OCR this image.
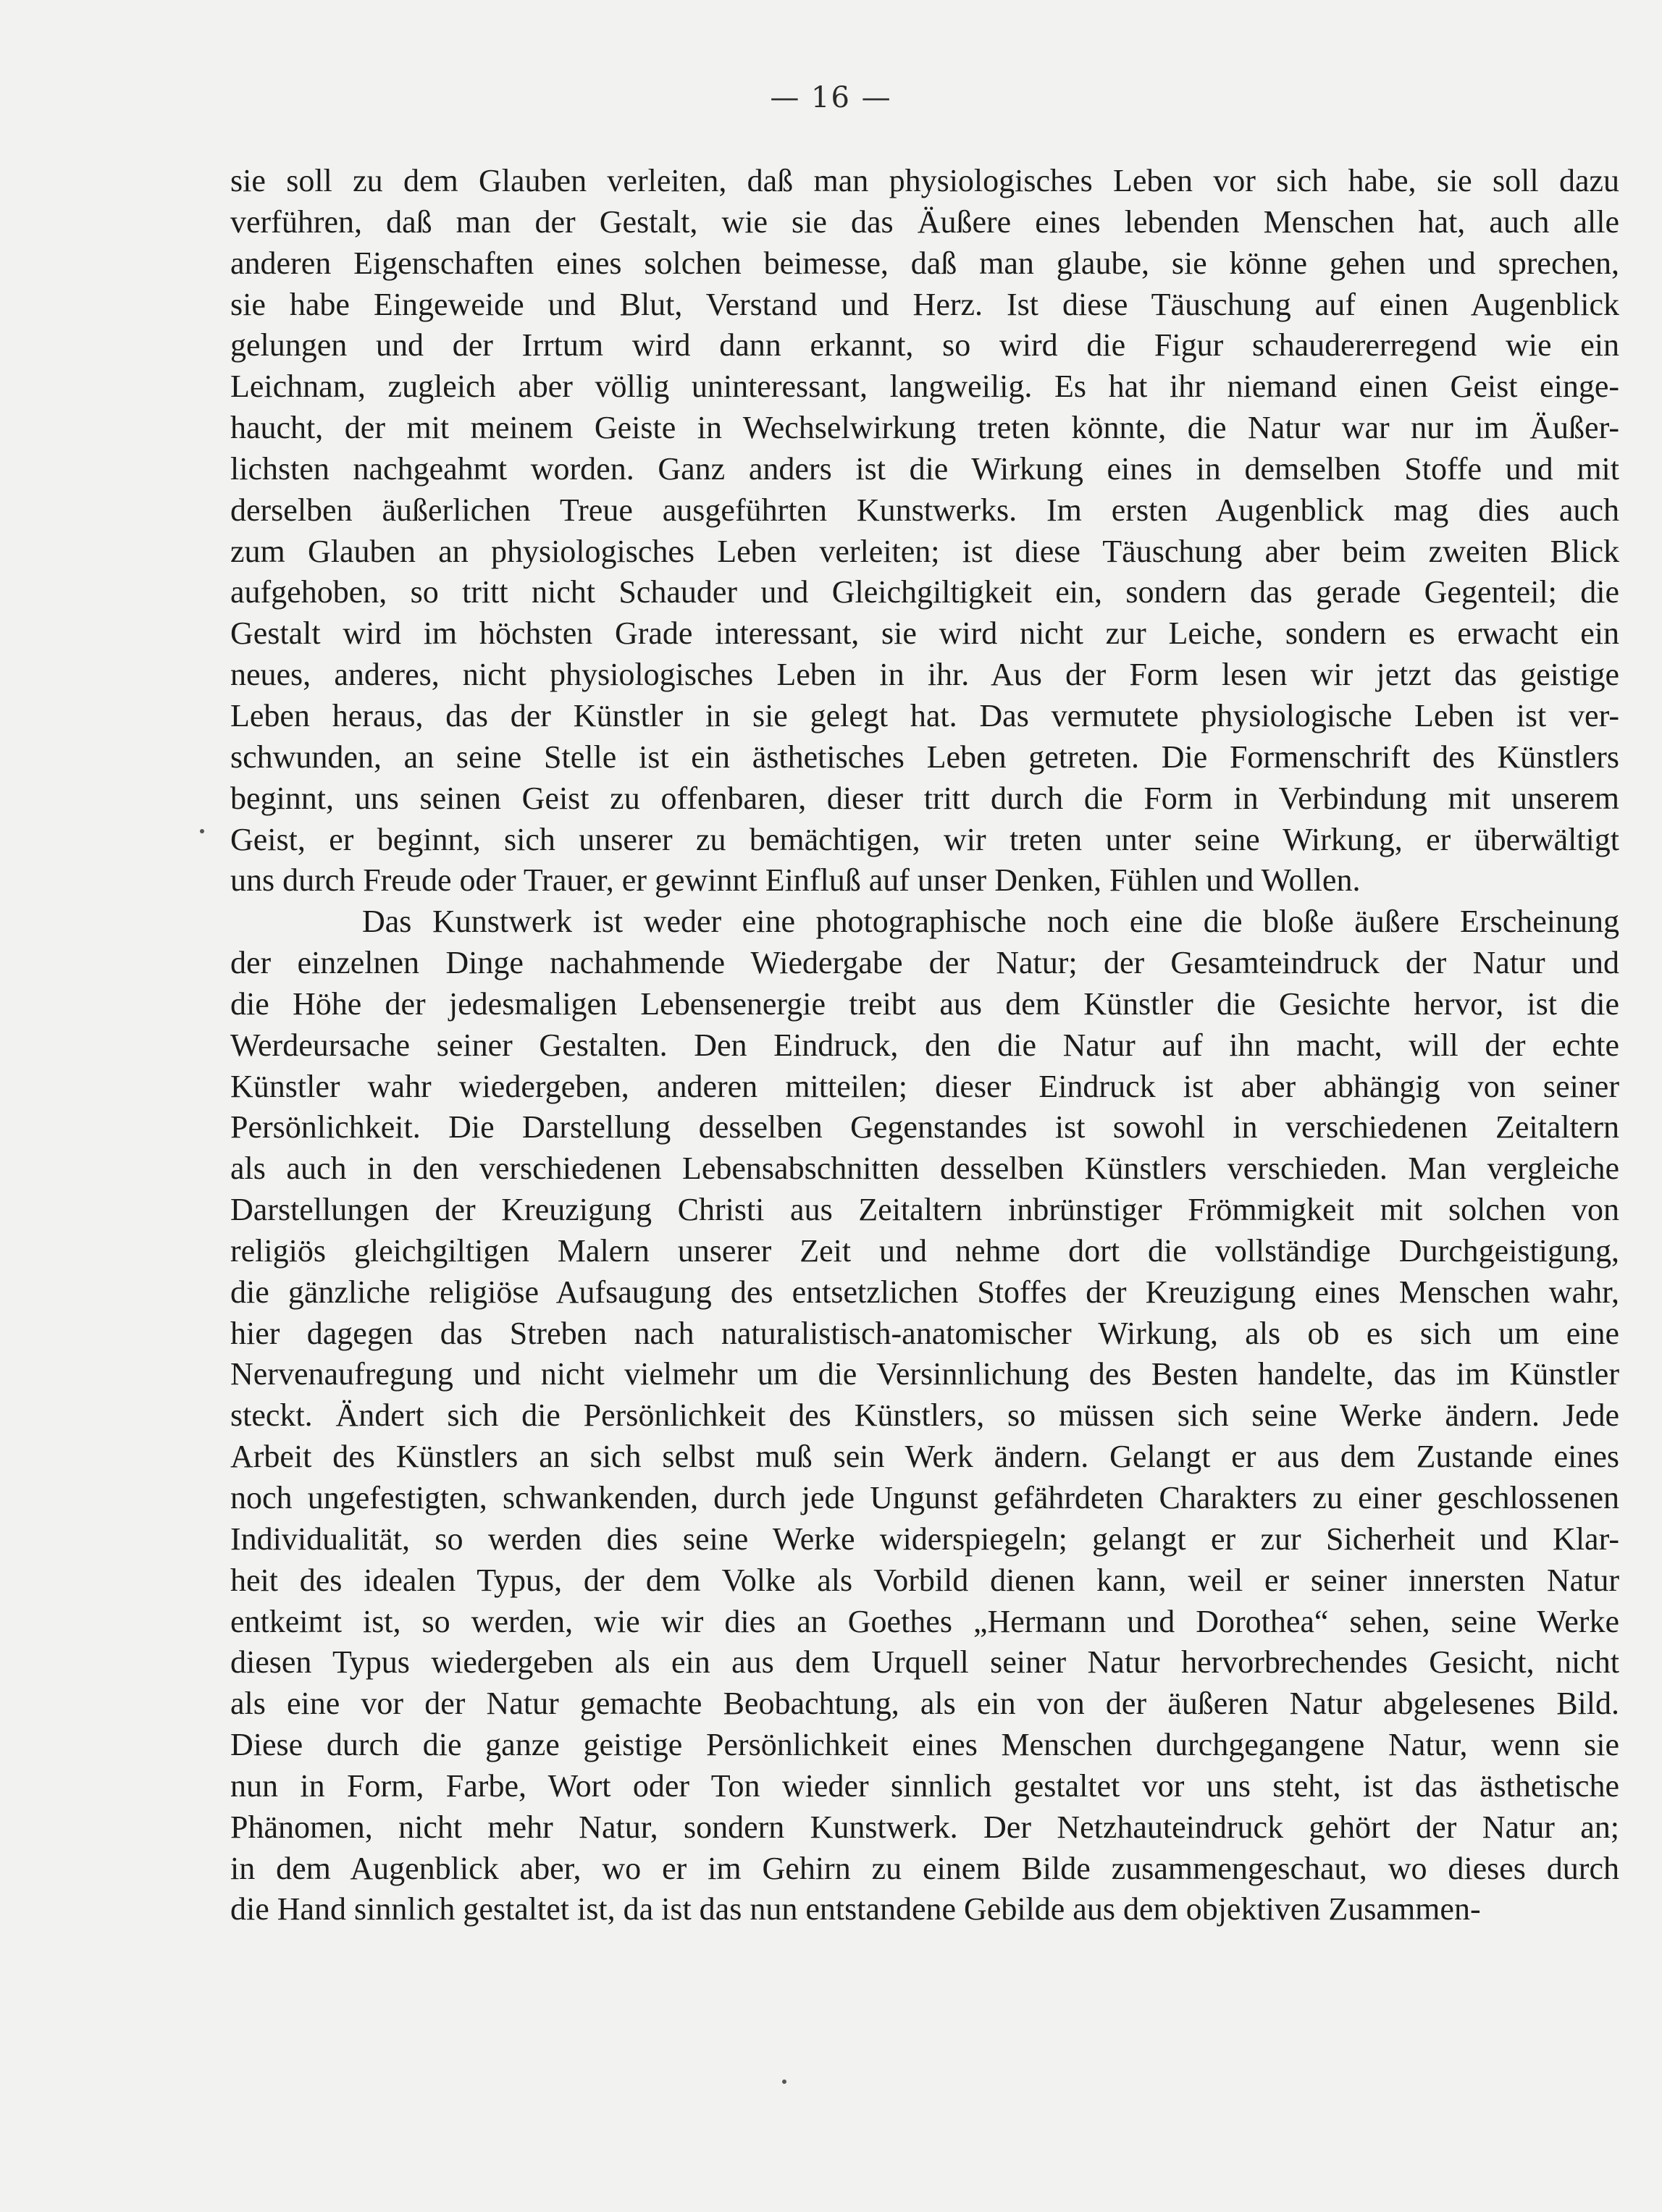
— 16 —

sie soll zu dem Glauben verleiten, daß man physiologisches Leben vor sich habe, sie soll dazu

verführen, daß man der Gestalt, wie sie das Äußere eines lebenden Menschen hat, auch alle

anderen Eigenschaften eines solchen beimesse, daß man glaube, sie könne gehen und sprechen,

sie habe Eingeweide und Blut, Verstand und Herz. Ist diese Täuschung auf einen Augenblick

gelungen und der Irrtum wird dann erkannt, so wird die Figur schaudererregend wie ein

Leichnam, zugleich aber völlig uninteressant, langweilig. Es hat ihr niemand einen Geist einge-

haucht, der mit meinem Geiste in Wechselwirkung treten könnte, die Natur war nur im Äußer-

lichsten nachgeahmt worden. Ganz anders ist die Wirkung eines in demselben Stoffe und mit

derselben äußerlichen Treue ausgeführten Kunstwerks. Im ersten Augenblick mag dies auch

zum Glauben an physiologisches Leben verleiten; ist diese Täuschung aber beim zweiten Blick

aufgehoben, so tritt nicht Schauder und Gleichgiltigkeit ein, sondern das gerade Gegenteil; die

Gestalt wird im höchsten Grade interessant, sie wird nicht zur Leiche, sondern es erwacht ein

neues, anderes, nicht physiologisches Leben in ihr. Aus der Form lesen wir jetzt das geistige

Leben heraus, das der Künstler in sie gelegt hat. Das vermutete physiologische Leben ist ver-

schwunden, an seine Stelle ist ein ästhetisches Leben getreten. Die Formenschrift des Künstlers

beginnt, uns seinen Geist zu offenbaren, dieser tritt durch die Form in Verbindung mit unserem

Geist, er beginnt, sich unserer zu bemächtigen, wir treten unter seine Wirkung, er überwältigt

uns durch Freude oder Trauer, er gewinnt Einfluß auf unser Denken, Fühlen und Wollen.

Das Kunstwerk ist weder eine photographische noch eine die bloße äußere Erscheinung

der einzelnen Dinge nachahmende Wiedergabe der Natur; der Gesamteindruck der Natur und

die Höhe der jedesmaligen Lebensenergie treibt aus dem Künstler die Gesichte hervor, ist die

Werdeursache seiner Gestalten. Den Eindruck, den die Natur auf ihn macht, will der echte

Künstler wahr wiedergeben, anderen mitteilen; dieser Eindruck ist aber abhängig von seiner

Persönlichkeit. Die Darstellung desselben Gegenstandes ist sowohl in verschiedenen Zeitaltern

als auch in den verschiedenen Lebensabschnitten desselben Künstlers verschieden. Man vergleiche

Darstellungen der Kreuzigung Christi aus Zeitaltern inbrünstiger Frömmigkeit mit solchen von

religiös gleichgiltigen Malern unserer Zeit und nehme dort die vollständige Durchgeistigung,

die gänzliche religiöse Aufsaugung des entsetzlichen Stoffes der Kreuzigung eines Menschen wahr,

hier dagegen das Streben nach naturalistisch-anatomischer Wirkung, als ob es sich um eine

Nervenaufregung und nicht vielmehr um die Versinnlichung des Besten handelte, das im Künstler

steckt. Ändert sich die Persönlichkeit des Künstlers, so müssen sich seine Werke ändern. Jede

Arbeit des Künstlers an sich selbst muß sein Werk ändern. Gelangt er aus dem Zustande eines

noch ungefestigten, schwankenden, durch jede Ungunst gefährdeten Charakters zu einer geschlossenen

Individualität, so werden dies seine Werke widerspiegeln; gelangt er zur Sicherheit und Klar-

heit des idealen Typus, der dem Volke als Vorbild dienen kann, weil er seiner innersten Natur

entkeimt ist, so werden, wie wir dies an Goethes „Hermann und Dorothea“ sehen, seine Werke

diesen Typus wiedergeben als ein aus dem Urquell seiner Natur hervorbrechendes Gesicht, nicht

als eine vor der Natur gemachte Beobachtung, als ein von der äußeren Natur abgelesenes Bild.

Diese durch die ganze geistige Persönlichkeit eines Menschen durchgegangene Natur, wenn sie

nun in Form, Farbe, Wort oder Ton wieder sinnlich gestaltet vor uns steht, ist das ästhetische

Phänomen, nicht mehr Natur, sondern Kunstwerk. Der Netzhauteindruck gehört der Natur an;

in dem Augenblick aber, wo er im Gehirn zu einem Bilde zusammengeschaut, wo dieses durch

die Hand sinnlich gestaltet ist, da ist das nun entstandene Gebilde aus dem objektiven Zusammen-
